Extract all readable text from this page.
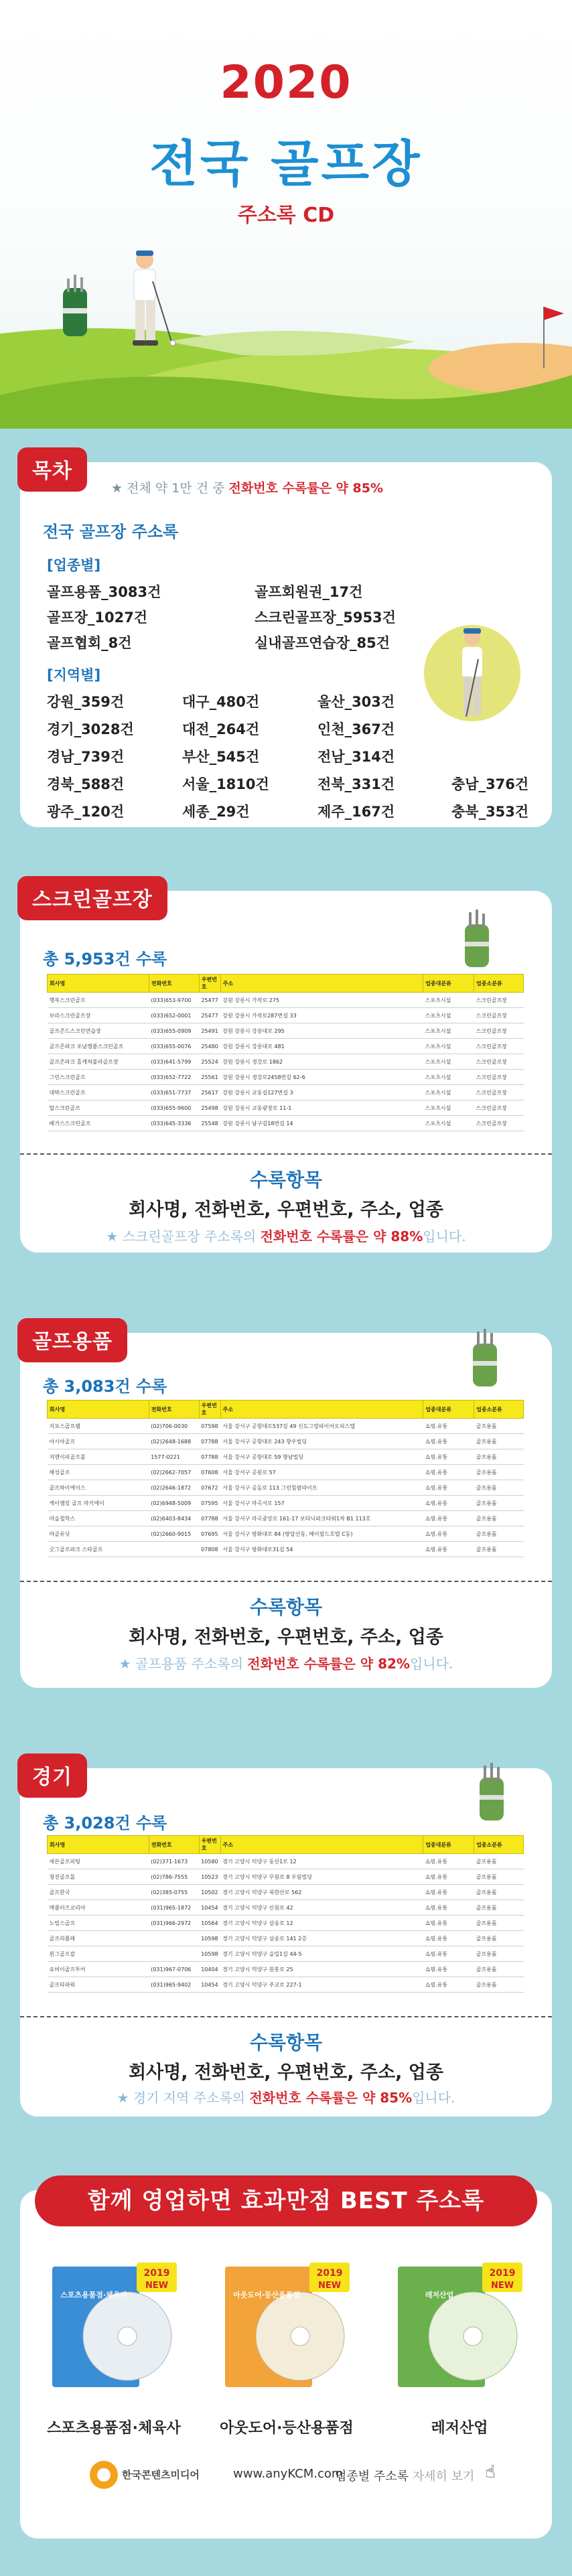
2020
전국 골프장
주소록 CD
목차
★ 전체 약 1만 건 중 전화번호 수록률은 약 85%
전국 골프장 주소록
[업종별]
골프용품_3083건	골프회원권_17건
골프장_1027건	스크린골프장_5953건
골프협회_8건	실내골프연습장_85건
[지역별]
강원_359건	대구_480건	울산_303건
경기_3028건	대전_264건	인천_367건
경남_739건	부산_545건	전남_314건
경북_588건	서울_1810건	전북_331건	충남_376건
광주_120건	세종_29건	제주_167건	충북_353건
스크린골프장
총 5,953건 수록
회사명	전화번호	우편번호	주소	업종대분류	업종소분류
행복스크린골프	(033)653-9700	25477	강원 강릉시 가작로 275	스포츠시설	스크린골프장
보라스크린골프장	(033)652-0001	25477	강원 강릉시 가작로287번길 33	스포츠시설	스크린골프장
골프존드스크린연습장	(033)655-0909	25491	강원 강릉시 강릉대로 295	스포츠시설	스크린골프장
골프존파크 포남캠플스크린골프	(033)655-0076	25480	강원 강릉시 강릉대로 481	스포츠시설	스크린골프장
골프존파크 홀캐쳐폴라골프장	(033)641-5799	25524	강원 강릉시 경강로 1862	스포츠시설	스크린골프장
그린스크린골프	(033)652-7722	25561	강원 강릉시 경강로2458번길 62-6	스포츠시설	스크린골프장
대박스크린골프	(033)651-7737	25617	강원 강릉시 교동길127번길 3	스포츠시설	스크린골프장
탑스크린골프	(033)655-9600	25498	강원 강릉시 교동광장로 11-1	스포츠시설	스크린골프장
베가스스크린골프	(033)645-3336	25548	강원 강릉시 남구길18번길 14	스포츠시설	스크린골프장
수록항목
회사명, 전화번호, 우편번호, 주소, 업종
★ 스크린골프장 주소록의 전화번호 수록률은 약 88%입니다.
골프용품
총 3,083건 수록
회사명	전화번호	우편번호	주소	업종대분류	업종소분류
지포스골프웰	(02)706-0030	07598	서울 강서구 공항대로537길 49 신도그랑파이어오피스텔	쇼핑.유통	골프용품
아시아골프	(02)2648-1688	07788	서울 강서구 공항대로 243 향우빌딩	쇼핑.유통	골프용품
지엔이피골프몰	1577-0221	07788	서울 강서구 공항대로 59 향남빌딩	쇼핑.유통	골프용품
해성골프	(02)2662-7057	07608	서울 강서구 공원로 57	쇼핑.유통	골프용품
골프하이에이스	(02)2646-1872	07672	서울 강서구 곰돌로 113 그린힐팔라이프	쇼핑.유통	골프용품
케이엠킹 골프 마키에이	(02)6948-5009	07595	서울 강서구 마곡서로 157	쇼핑.유통	골프용품
마을철학스	(02)6403-8434	07788	서울 강서구 마곡중앙로 161-17 보타닉파크타워1차 B1 113호	쇼핑.유통	골프용품
마골유닛	(02)2660-9015	07695	서울 강서구 방화대로 84 (방달산동, 메이필드호텔 C동)	쇼핑.유통	골프용품
굿그골프파크 스타골프		07808	서울 강서구 방화대로31길 54	쇼핑.유통	골프용품
수록항목
회사명, 전화번호, 우편번호, 주소, 업종
★ 골프용품 주소록의 전화번호 수록률은 약 82%입니다.
경기
총 3,028건 수록
회사명	전화번호	우편번호	주소	업종대분류	업종소분류
세븐골프피팅	(02)371-1673	10580	경기 고양시 덕양구 동산1로 12	쇼핑.유통	골프용품
청진골프몰	(02)786-7555	10523	경기 고양시 덕양구 무원로 8 우림빌딩	쇼핑.유통	골프용품
골프한국	(02)385-0755	10502	경기 고양시 덕양구 북한산로 562	쇼핑.유통	골프용품
액플러즈코리아	(031)965-1872	10454	경기 고양시 덕양구 신원로 42	쇼핑.유통	골프용품
노빌스골프	(031)966-2972	10564	경기 고양시 덕양구 삼송로 12	쇼핑.유통	골프용품
골프리플레		10598	경기 고양시 덕양구 삼송로 141 2층	쇼핑.유통	골프용품
윈그골프잡		10598	경기 고양시 덕양구 을밀1길 44-5	쇼핑.유통	골프용품
요버이골프투어	(031)967-0706	10404	경기 고양시 덕양구 원흥로 25	쇼핑.유통	골프용품
골프타파워	(031)965-9402	10454	경기 고양시 덕양구 주교로 227-1	쇼핑.유통	골프용품
수록항목
회사명, 전화번호, 우편번호, 주소, 업종
★ 경기 지역 주소록의 전화번호 수록률은 약 85%입니다.
함께 영업하면 효과만점 BEST 주소록
2019
NEW
스포츠용품점·체육사
2019
NEW
아웃도어·등산용품점
2019
NEW
레저산업
스포츠용품점·체육사	아웃도어·등산용품점	레저산업
한국콘텐츠미디어	www.anyKCM.com
업종별 주소록 자세히 보기 ☝
